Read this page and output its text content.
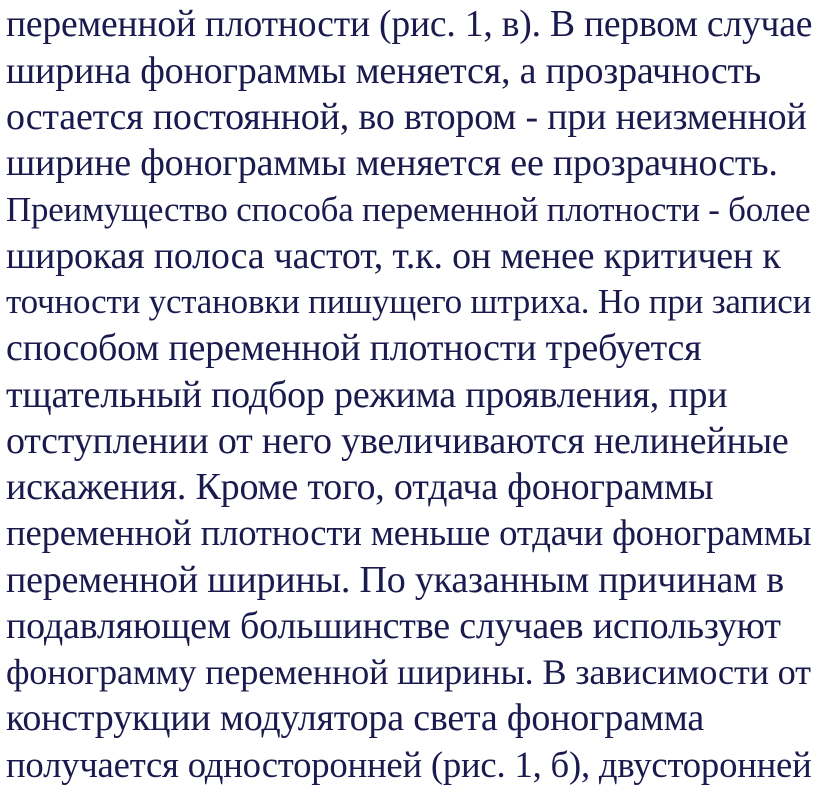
переменной плотности (рис. 1, в). В первом случае
ширина фонограммы меняется, а прозрачность
остается постоянной, во втором - при неизменной
ширине фонограммы меняется ее прозрачность.
Преимущество способа переменной плотности - более
широкая полоса частот, т.к. он менее критичен к
точности установки пишущего штриха. Но при записи
способом переменной плотности требуется
тщательный подбор режима проявления, при
отступлении от него увеличиваются нелинейные
искажения. Кроме того, отдача фонограммы
переменной плотности меньше отдачи фонограммы
переменной ширины. По указанным причинам в
подавляющем большинстве случаев используют
фонограмму переменной ширины. В зависимости от
конструкции модулятора света фонограмма
получается односторонней (рис. 1, б), двусторонней
